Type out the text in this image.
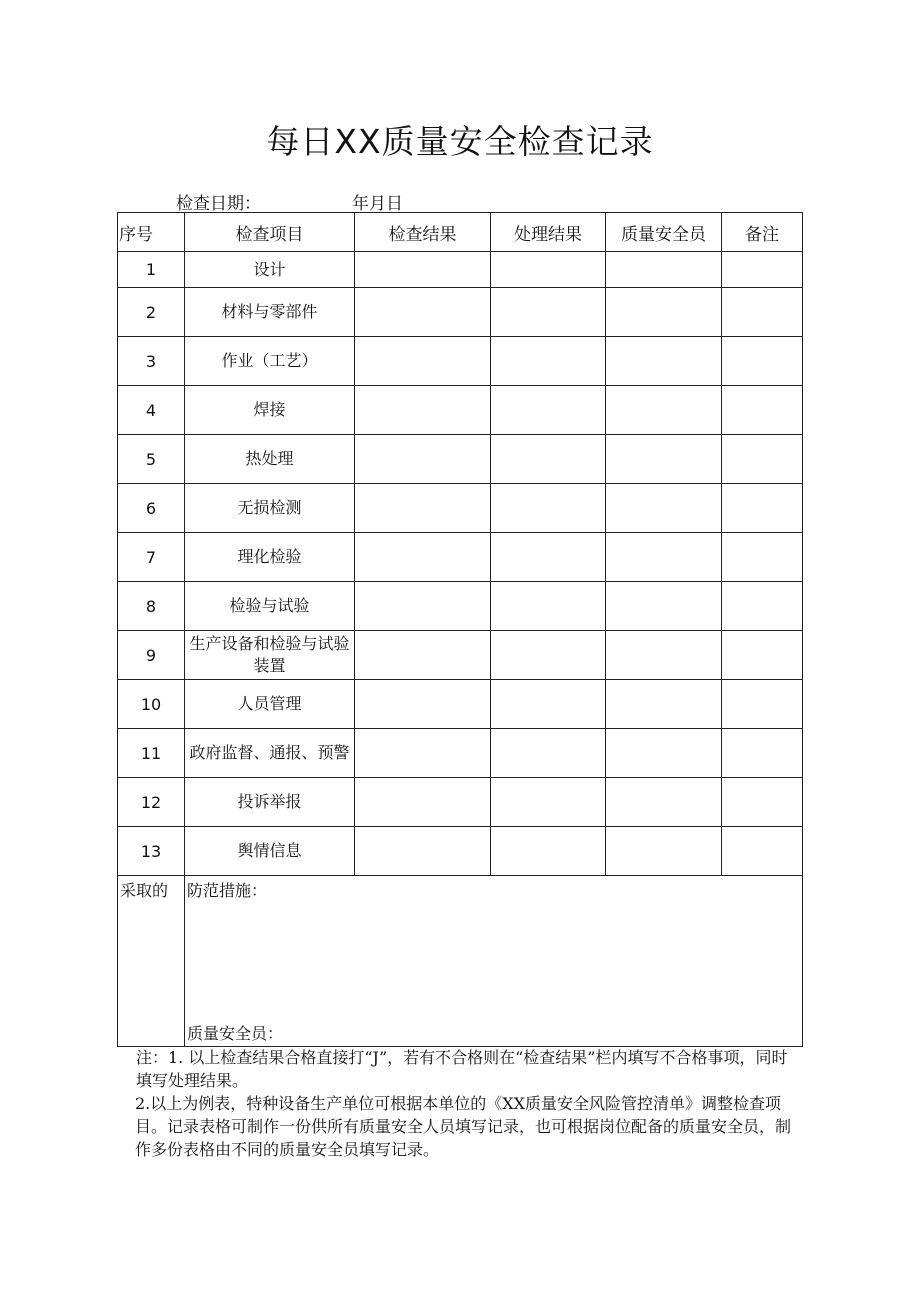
每日XX质量安全检查记录
检查日期：	年月日
序号	检查项目	检查结果	处理结果	质量安全员	备注
1	设计				
2	材料与零部件				
3	作业（工艺）				
4	焊接				
5	热处理				
6	无损检测				
7	理化检验				
8	检验与试验				
9	生产设备和检验与试验装置				
10	人员管理				
11	政府监督、通报、预警				
12	投诉举报				
13	舆情信息				
采取的	防范措施：
质量安全员：				

注：1. 以上检查结果合格直接打“J”，若有不合格则在“检查结果”栏内填写不合格事项，同时填写处理结果。

2.以上为例表，特种设备生产单位可根据本单位的《XX质量安全风险管控清单》调整检查项目。记录表格可制作一份供所有质量安全人员填写记录，也可根据岗位配备的质量安全员，制作多份表格由不同的质量安全员填写记录。
